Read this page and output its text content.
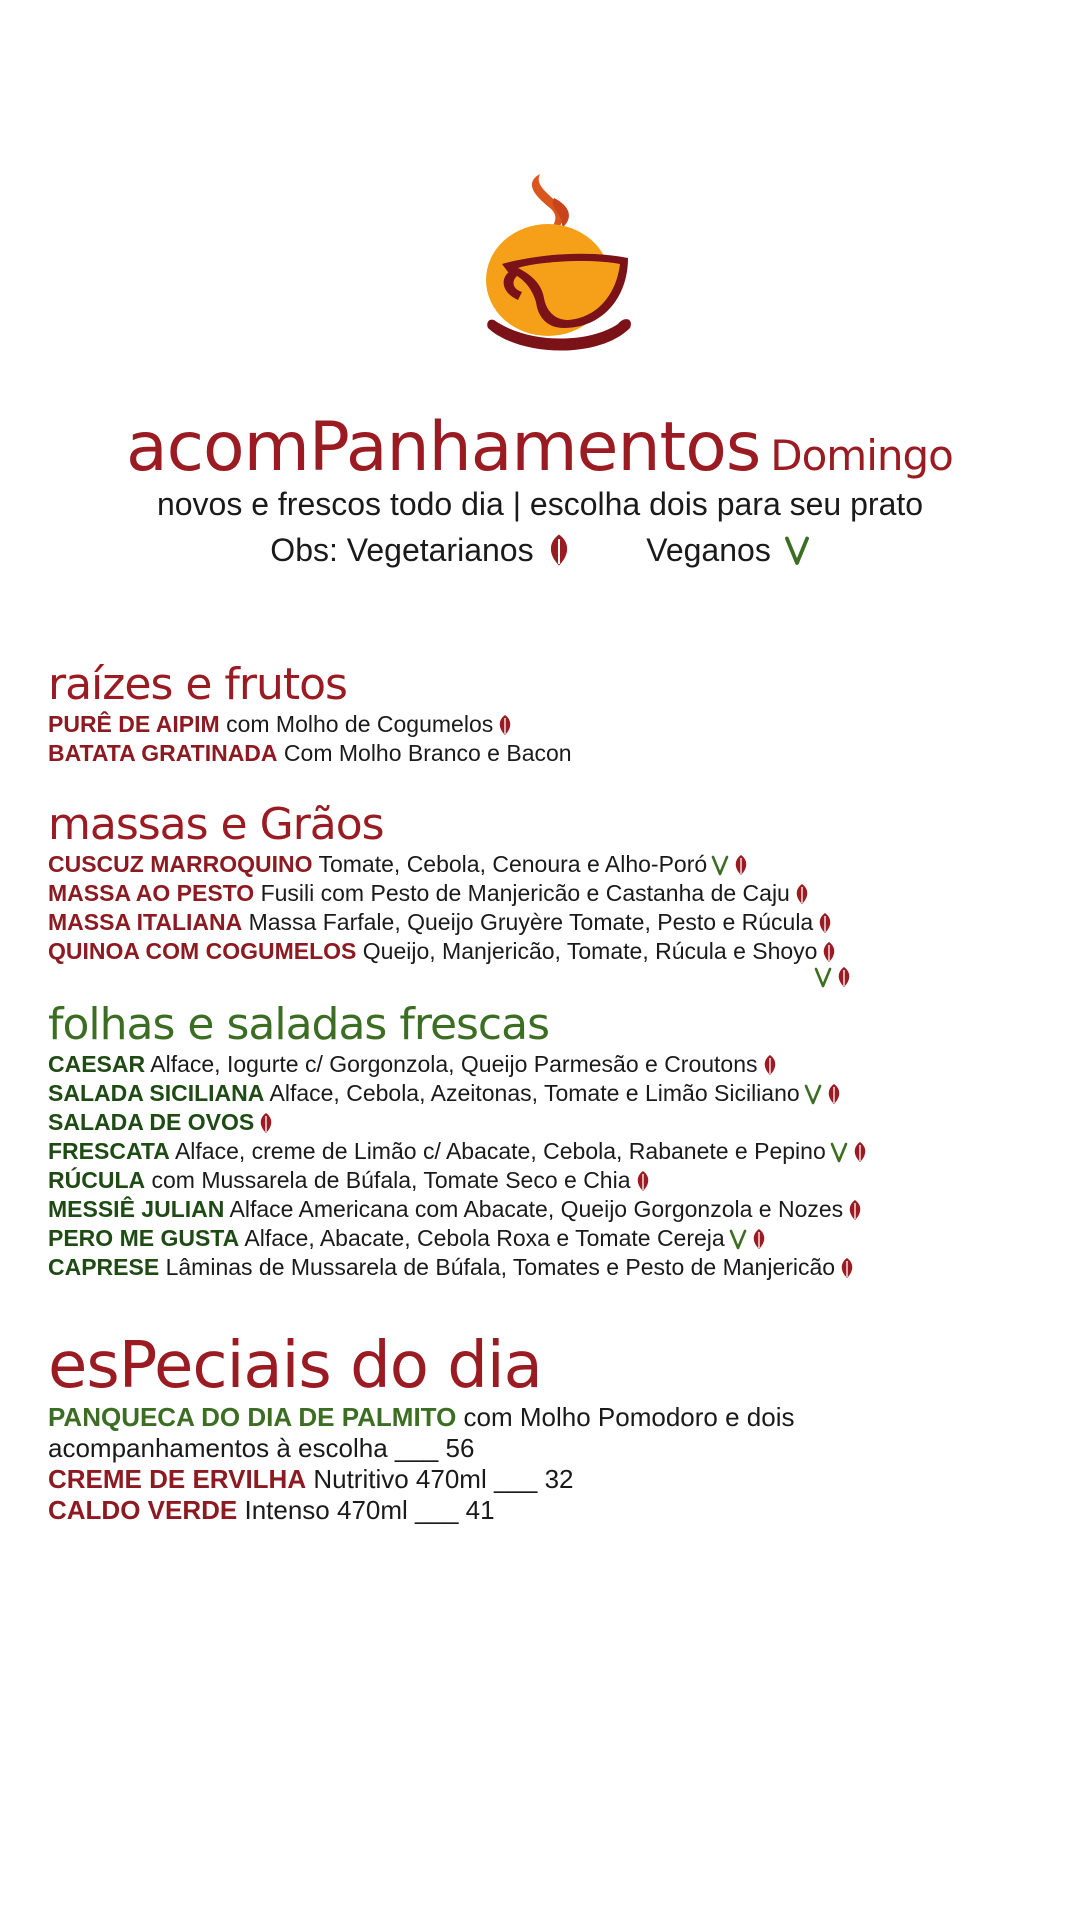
acomPanhamentos Domingo

novos e frescos todo dia | escolha dois para seu prato

Obs: Vegetarianos	Veganos
raízes e frutos
PURÊ DE AIPIM com Molho de Cogumelos
BATATA GRATINADA Com Molho Branco e Bacon
massas e Grãos
CUSCUZ MARROQUINO Tomate, Cebola, Cenoura e Alho-Poró
MASSA AO PESTO Fusili com Pesto de Manjericão e Castanha de Caju
MASSA ITALIANA Massa Farfale, Queijo Gruyère Tomate, Pesto e Rúcula
QUINOA COM COGUMELOS Queijo, Manjericão, Tomate, Rúcula e Shoyo
folhas e saladas frescas
CAESAR Alface, Iogurte c/ Gorgonzola, Queijo Parmesão e Croutons
SALADA SICILIANA Alface, Cebola, Azeitonas, Tomate e Limão Siciliano
SALADA DE OVOS
FRESCATA Alface, creme de Limão c/ Abacate, Cebola, Rabanete e Pepino
RÚCULA com Mussarela de Búfala, Tomate Seco e Chia
MESSIÊ JULIAN Alface Americana com Abacate, Queijo Gorgonzola e Nozes
PERO ME GUSTA Alface, Abacate, Cebola Roxa e Tomate Cereja
CAPRESE Lâminas de Mussarela de Búfala, Tomates e Pesto de Manjericão
esPeciais do dia
PANQUECA DO DIA DE PALMITO com Molho Pomodoro e dois acompanhamentos à escolha ___ 56
CREME DE ERVILHA Nutritivo 470ml ___ 32
CALDO VERDE Intenso 470ml ___ 41
